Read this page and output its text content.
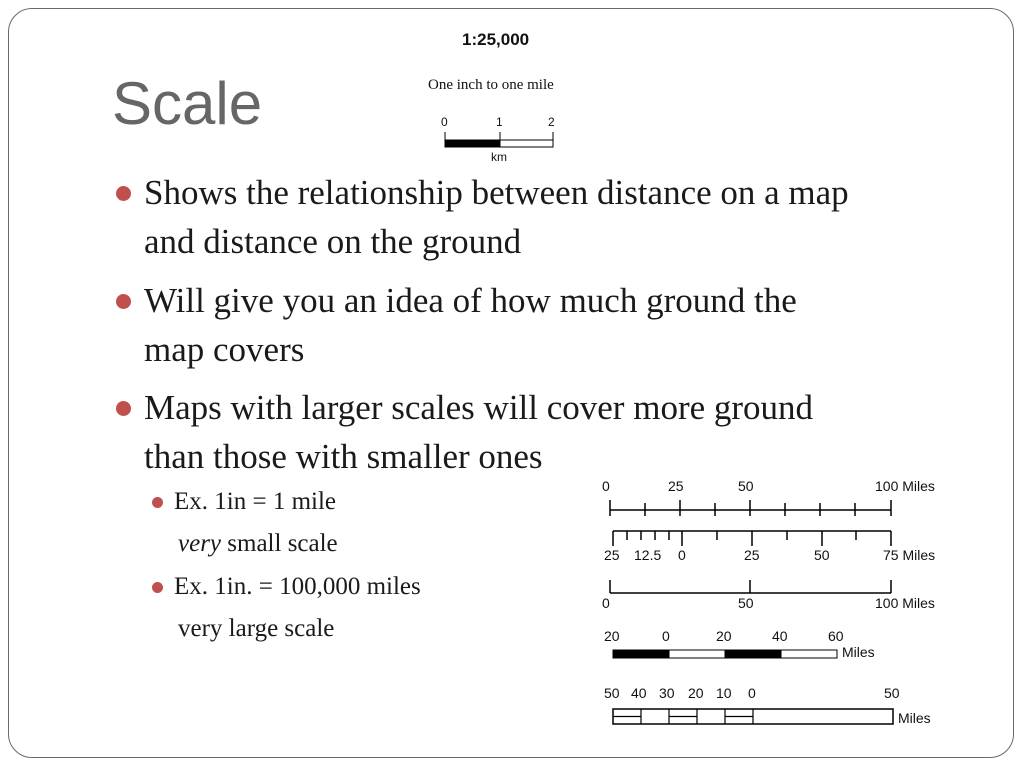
1:25,000
Scale	One inch to one mile
0	1	2
km
Shows the relationship between distance on a map
and distance on the ground
Will give you an idea of how much ground the
map covers
Maps with larger scales will cover more ground
than those with smaller ones
Ex. 1in = 1 mile
very small scale
Ex. 1in. = 100,000 miles
very large scale
0	25	50	100 Miles
25 12.5 0	25	50	75 Miles
0	50	100 Miles
20	0	20	40	60
Miles
50 40 30 20 10 0	50
Miles
